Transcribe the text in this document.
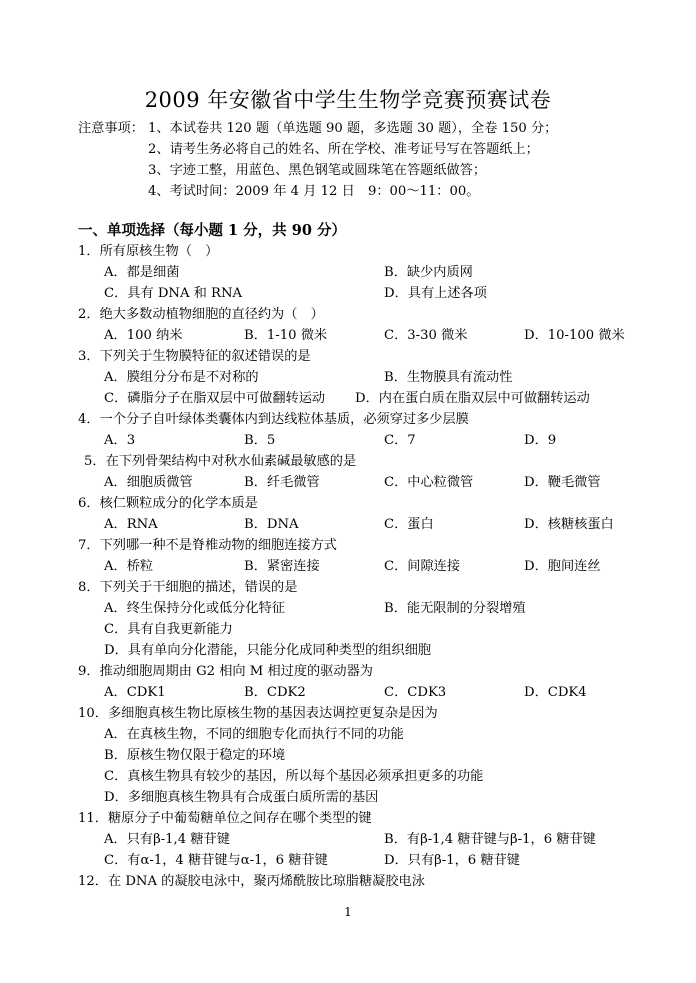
2009 年安徽省中学生生物学竞赛预赛试卷
注意事项： 1、本试卷共 120 题（单选题 90 题，多选题 30 题），全卷 150 分；
2、请考生务必将自己的姓名、所在学校、准考证号写在答题纸上；
3、字迹工整，用蓝色、黑色钢笔或圆珠笔在答题纸做答；
4、考试时间：2009 年 4 月 12 日　9：00～11：00。
一、单项选择（每小题 1 分，共 90 分）
1．所有原核生物（　）
A．都是细菌	B．缺少内质网
C．具有 DNA 和 RNA	D．具有上述各项
2．绝大多数动植物细胞的直径约为（　）
A．100 纳米	B．1-10 微米	C．3-30 微米	D．10-100 微米
3．下列关于生物膜特征的叙述错误的是
A．膜组分分布是不对称的	B．生物膜具有流动性
C．磷脂分子在脂双层中可做翻转运动 D．内在蛋白质在脂双层中可做翻转运动
4．一个分子自叶绿体类囊体内到达线粒体基质，必须穿过多少层膜
A．3	B．5	C．7	D．9
5．在下列骨架结构中对秋水仙素碱最敏感的是
A．细胞质微管	B．纤毛微管	C．中心粒微管	D．鞭毛微管
6．核仁颗粒成分的化学本质是
A．RNA	B．DNA	C．蛋白	D．核糖核蛋白
7．下列哪一种不是脊椎动物的细胞连接方式
A．桥粒	B．紧密连接	C．间隙连接	D．胞间连丝
8．下列关于干细胞的描述，错误的是
A．终生保持分化或低分化特征	B．能无限制的分裂增殖
C．具有自我更新能力
D．具有单向分化潜能，只能分化成同种类型的组织细胞
9．推动细胞周期由 G2 相向 M 相过度的驱动器为
A．CDK1	B．CDK2	C．CDK3	D．CDK4
10．多细胞真核生物比原核生物的基因表达调控更复杂是因为
A．在真核生物，不同的细胞专化而执行不同的功能
B．原核生物仅限于稳定的环境
C．真核生物具有较少的基因，所以每个基因必须承担更多的功能
D．多细胞真核生物具有合成蛋白质所需的基因
11．糖原分子中葡萄糖单位之间存在哪个类型的键
A．只有β-1,4 糖苷键	B．有β-1,4 糖苷键与β-1，6 糖苷键
C．有α-1，4 糖苷键与α-1，6 糖苷键	D．只有β-1，6 糖苷键
12．在 DNA 的凝胶电泳中，聚丙烯酰胺比琼脂糖凝胶电泳
1
